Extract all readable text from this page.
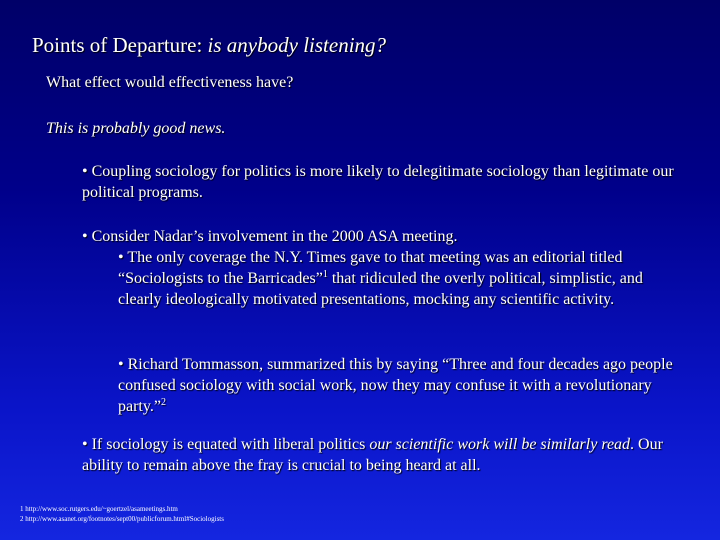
Points of Departure: is anybody listening?
What effect would effectiveness have?
This is probably good news.
• Coupling sociology for politics is more likely to delegitimate sociology than legitimate our political programs.
• Consider Nadar’s involvement in the 2000 ASA meeting.
• The only coverage the N.Y. Times gave to that meeting was an editorial titled “Sociologists to the Barricades”$^1$ that ridiculed the overly political, simplistic, and clearly ideologically motivated presentations, mocking any scientific activity.
• Richard Tommasson, summarized this by saying “Three and four decades ago people confused sociology with social work, now they may confuse it with a revolutionary party.”$^2$
• If sociology is equated with liberal politics our scientific work will be similarly read. Our ability to remain above the fray is crucial to being heard at all.
1 http://www.soc.rutgers.edu/~goertzel/asameetings.htm
2 http://www.asanet.org/footnotes/sept00/publicforum.html#Sociologists
